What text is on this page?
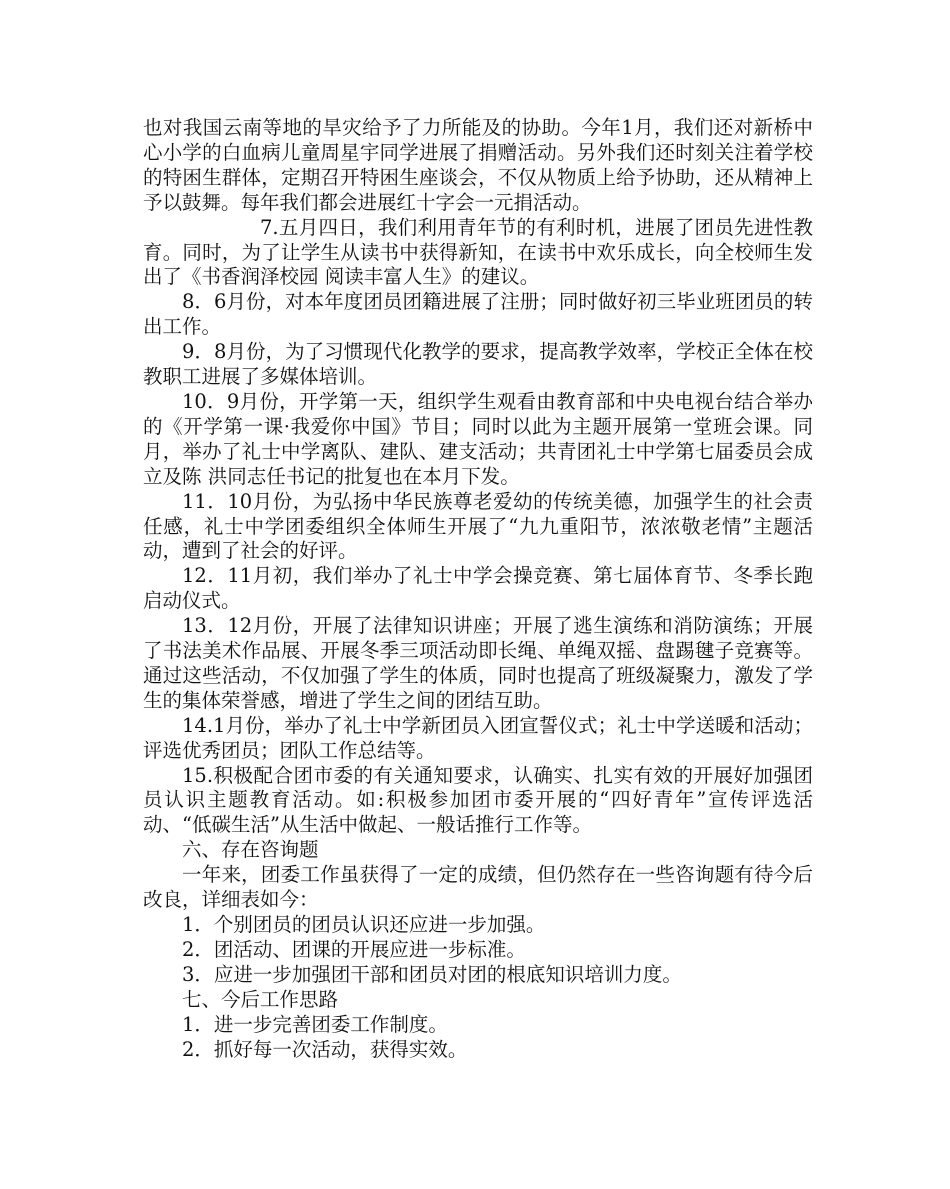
也对我国云南等地的旱灾给予了力所能及的协助。今年1月，我们还对新桥中心小学的白血病儿童周星宇同学进展了捐赠活动。另外我们还时刻关注着学校的特困生群体，定期召开特困生座谈会，不仅从物质上给予协助，还从精神上予以鼓舞。每年我们都会进展红十字会一元捐活动。

7.五月四日，我们利用青年节的有利时机，进展了团员先进性教育。同时，为了让学生从读书中获得新知，在读书中欢乐成长，向全校师生发出了《书香润泽校园 阅读丰富人生》的建议。

8．6月份，对本年度团员团籍进展了注册；同时做好初三毕业班团员的转出工作。

9．8月份，为了习惯现代化教学的要求，提高教学效率，学校正全体在校教职工进展了多媒体培训。

10．9月份，开学第一天，组织学生观看由教育部和中央电视台结合举办的《开学第一课·我爱你中国》节目；同时以此为主题开展第一堂班会课。同月，举办了礼士中学离队、建队、建支活动；共青团礼士中学第七届委员会成立及陈 洪同志任书记的批复也在本月下发。

11．10月份，为弘扬中华民族尊老爱幼的传统美德，加强学生的社会责任感，礼士中学团委组织全体师生开展了“九九重阳节，浓浓敬老情”主题活动，遭到了社会的好评。

12．11月初，我们举办了礼士中学会操竞赛、第七届体育节、冬季长跑启动仪式。

13．12月份，开展了法律知识讲座；开展了逃生演练和消防演练；开展了书法美术作品展、开展冬季三项活动即长绳、单绳双摇、盘踢毽子竞赛等。通过这些活动，不仅加强了学生的体质，同时也提高了班级凝聚力，激发了学生的集体荣誉感，增进了学生之间的团结互助。

14.1月份，举办了礼士中学新团员入团宣誓仪式；礼士中学送暖和活动；评选优秀团员；团队工作总结等。

15.积极配合团市委的有关通知要求，认确实、扎实有效的开展好加强团员认识主题教育活动。如:积极参加团市委开展的“四好青年”宣传评选活动、“低碳生活”从生活中做起、一般话推行工作等。

六、存在咨询题

一年来，团委工作虽获得了一定的成绩，但仍然存在一些咨询题有待今后改良，详细表如今：

1．个别团员的团员认识还应进一步加强。

2．团活动、团课的开展应进一步标准。

3．应进一步加强团干部和团员对团的根底知识培训力度。

七、今后工作思路

1．进一步完善团委工作制度。

2．抓好每一次活动，获得实效。
